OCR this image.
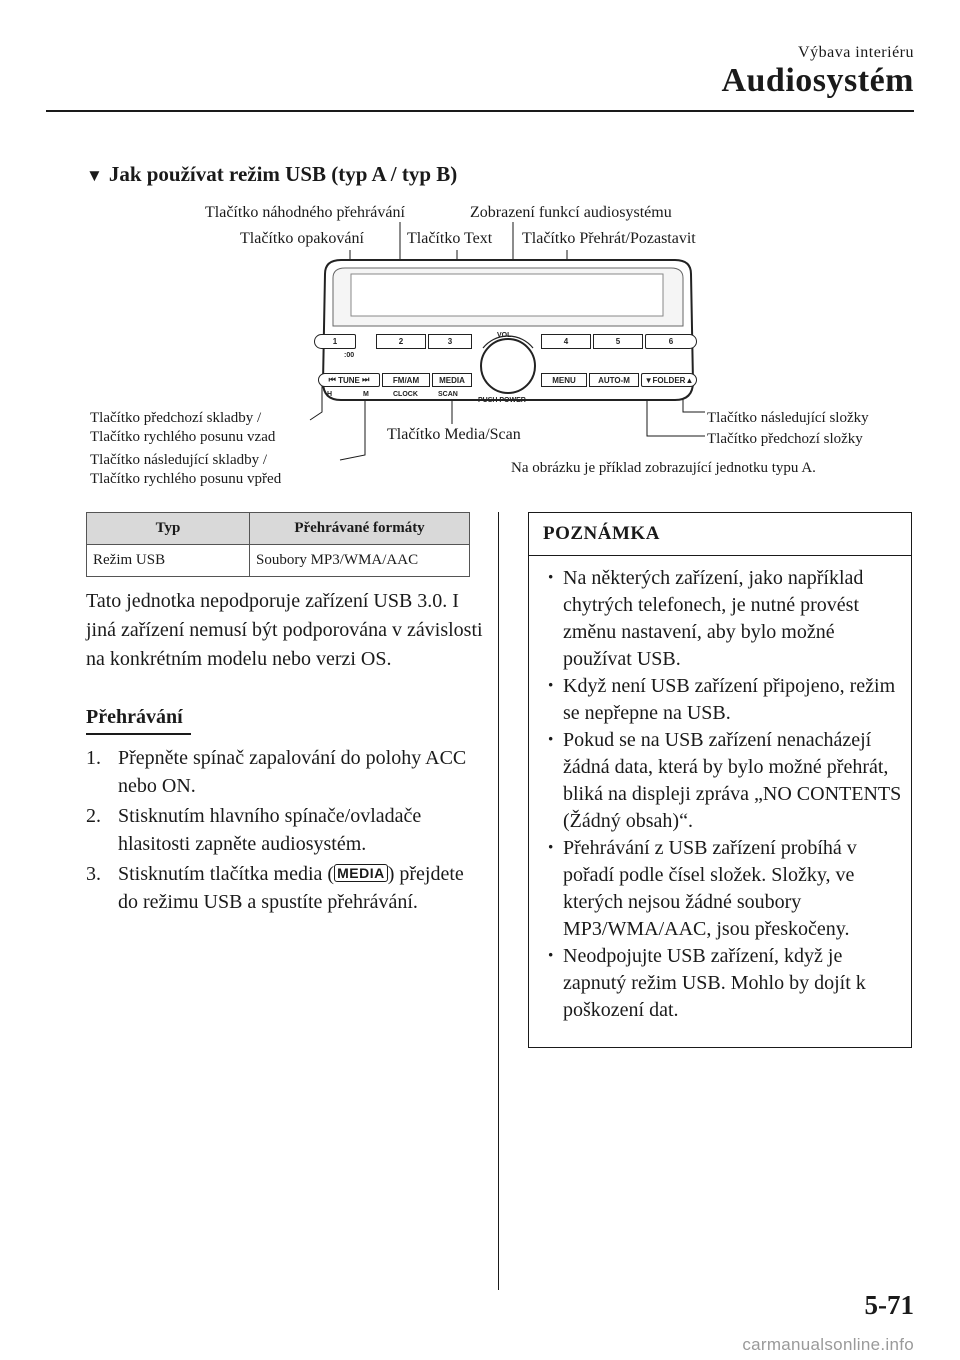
Výbava interiéru
Audiosystém
▼ Jak používat režim USB (typ A / typ B)
Tlačítko náhodného přehrávání	Zobrazení funkcí audiosystému
Tlačítko opakování	Tlačítko Text Tlačítko Přehrát/Pozastavit
Tlačítko předchozí skladby /
Tlačítko rychlého posunu vzad
Tlačítko následující skladby /
Tlačítko rychlého posunu vpřed
Tlačítko Media/Scan
Tlačítko následující složky
Tlačítko předchozí složky
Na obrázku je příklad zobrazující jednotku typu A.
1	2	3	4	5	6
:00
VOL
⏮
TUNE
⏭	FM/AM	MEDIA	MENU	AUTO-M	▼ FOLDER ▲
H	M	CLOCK	SCAN
PUSH POWER
Typ	Přehrávané formáty
Režim USB	Soubory MP3/WMA/AAC
Tato jednotka nepodporuje zařízení USB 3.0. I jiná zařízení nemusí být podporována v závislosti na konkrétním modelu nebo verzi OS.
Přehrávání
1. Přepněte spínač zapalování do polohy ACC nebo ON.
2. Stisknutím hlavního spínače/ovladače hlasitosti zapněte audiosystém.
3. Stisknutím tlačítka media ( MEDIA ) přejdete do režimu USB a spustíte přehrávání.
POZNÁMKA
· Na některých zařízení, jako například chytrých telefonech, je nutné provést změnu nastavení, aby bylo možné používat USB.
· Když není USB zařízení připojeno, režim se nepřepne na USB.
· Pokud se na USB zařízení nenacházejí žádná data, která by bylo možné přehrát, bliká na displeji zpráva „NO CONTENTS (Žádný obsah)“.
· Přehrávání z USB zařízení probíhá v pořadí podle čísel složek. Složky, ve kterých nejsou žádné soubory MP3/WMA/AAC, jsou přeskočeny.
· Neodpojujte USB zařízení, když je zapnutý režim USB. Mohlo by dojít k poškození dat.
5-71
carmanualsonline.info
